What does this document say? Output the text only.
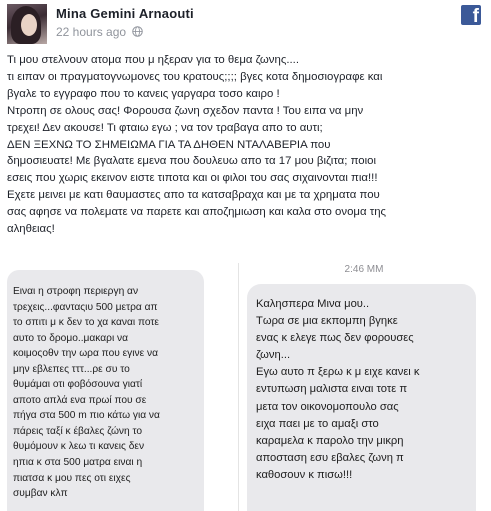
Mina Gemini Arnaouti
22 hours ago
f

Τι μου στελνουν ατομα που μ ηξεραν για το θεμα ζωνης....

τι ειπαν οι πραγματογνωμονες του κρατους;;;; βγες κοτα δημοσιογραφε και

βγαλε το εγγραφο που το κανεις γαργαρα τοσο καιρο !

Ντροπη σε ολους σας! Φορουσα ζωνη σχεδον παντα ! Του ειπα να μην

τρεχει! Δεν ακουσε! Τι φταιω εγω ; να τον τραβαγα απο το αυτι;

ΔΕΝ ΞΕΧΝΩ ΤΟ ΣΗΜΕΙΩΜΑ ΓΙΑ ΤΑ ΔΗΘΕΝ ΝΤΑΛΑΒΕΡΙΑ που

δημοσιευατε! Με βγαλατε εμενα που δουλευω απο τα 17 μου βιζιτα; ποιοι

εσεις που χωρις εκεινον ειστε τιποτα και οι φιλοι του σας σιχαινονται πια!!!

Εχετε μεινει με κατι θαυμαστες απο τα κατσαβραχα και με τα χρηματα που

σας αφησε να πολεματε να παρετε και αποζημιωση και καλα στο ονομα της

αληθειας!

Ειναι η στροφη περιεργη αν

τρεχεις...φανταςιυ 500 μετρα απ

το σπιτι μ κ δεν το χα καναι ποτε

αυτο το δρομο..μακαρι να

κοιμοςοθν την ωρα που εγινε να

μην εβλεπες τττ...ρε συ το

θυμάμαι οτι φοβόσουνα γιατί

αποτο απλά ενα πρωί που σε

πήγα στα 500 m πιο κάτω για να

πάρεις ταξί κ έβαλες ζώνη το

θυμόμουν κ λεω τι κανεις δεν

ηπια κ στα 500 ματρα ειναι η

πιατσα κ μου πες οτι ειχες

συμβαν κλπ

2:46 MM

Καλησπερα Μινα μου..

Τωρα σε μια εκπομπη βγηκε

ενας κ ελεγε πως δεν φορουσες

ζωνη...

Εγω αυτο π ξερω κ μ ειχε κανει κ

εντυπωση μαλιστα ειναι τοτε π

μετα τον οικονομοπουλο σας

ειχα παει με το αμαξι στο

καραμελα κ παρολο την μικρη

αποσταση εσυ εβαλες ζωνη π

καθοσουν κ πισω!!!
